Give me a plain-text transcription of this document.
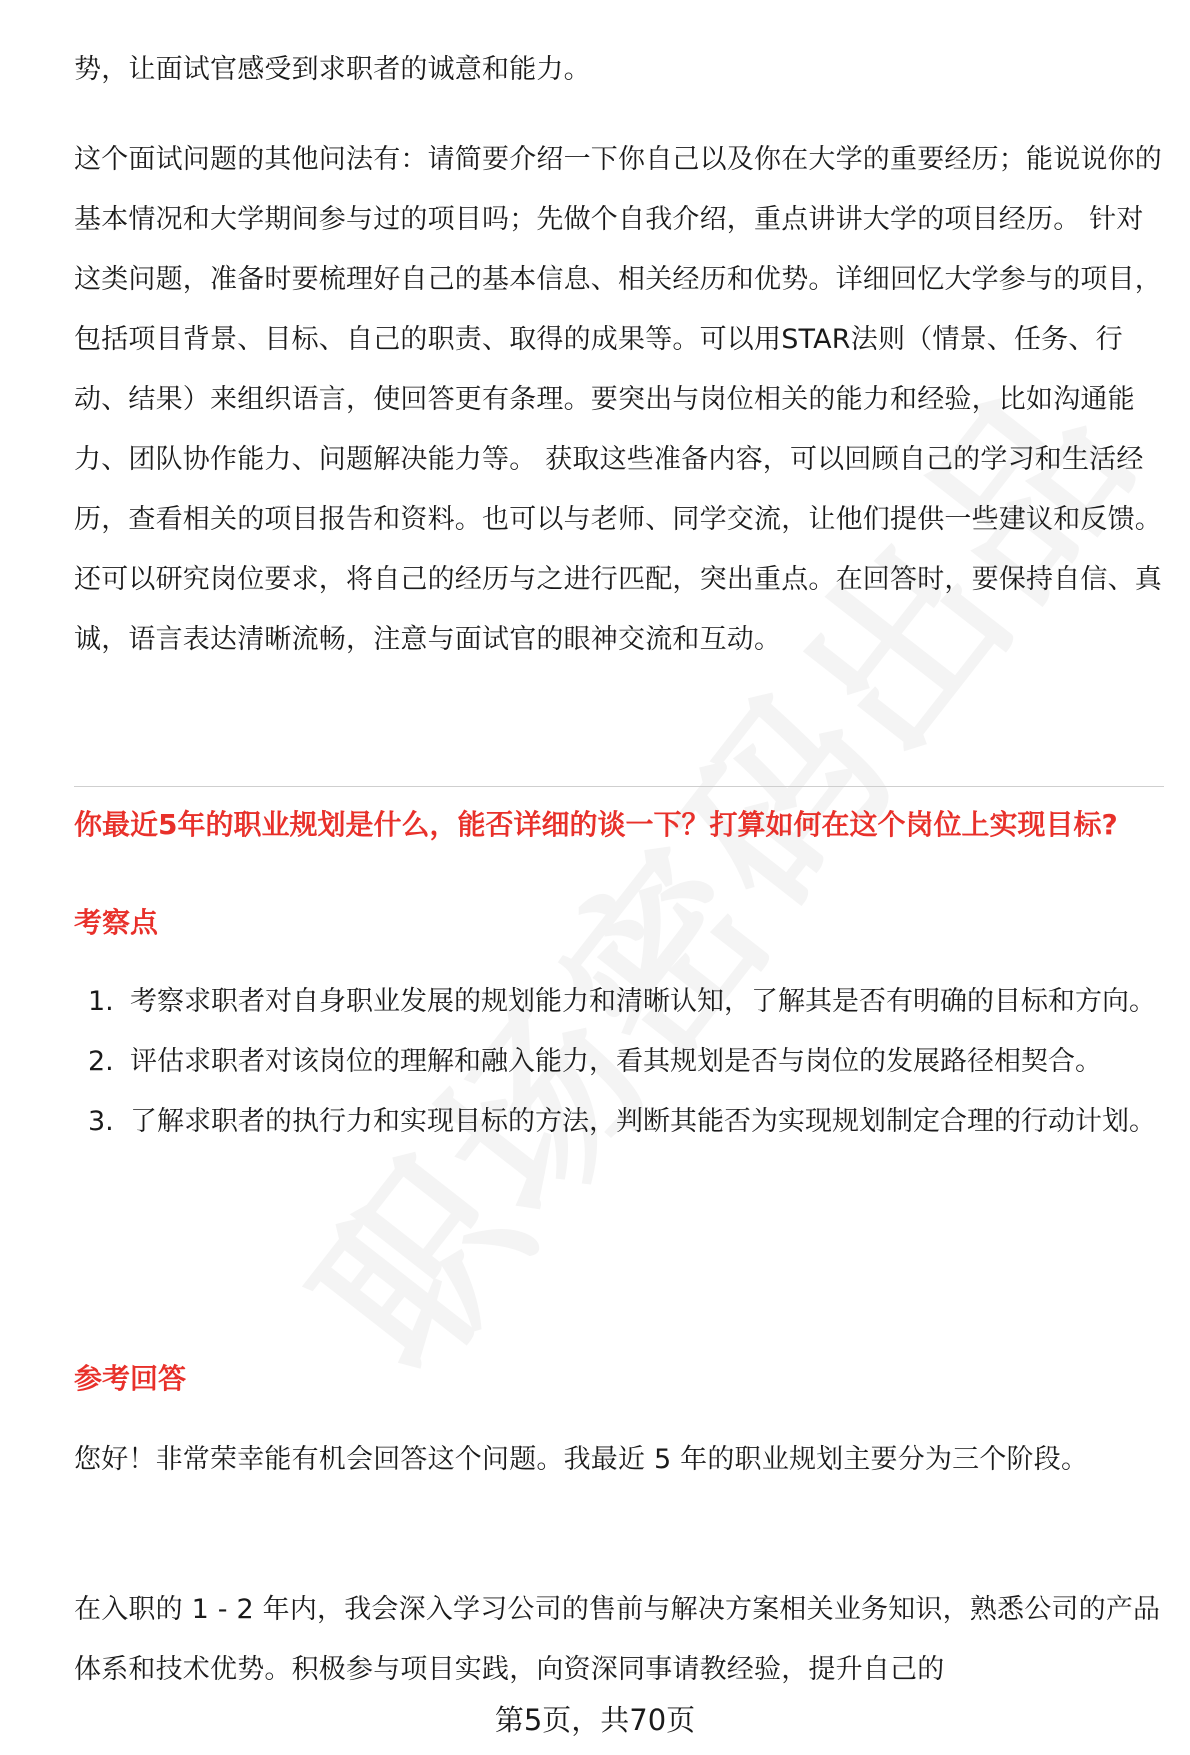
势，让面试官感受到求职者的诚意和能力。

这个面试问题的其他问法有：请简要介绍一下你自己以及你在大学的重要经历；能说说你的基本情况和大学期间参与过的项目吗；先做个自我介绍，重点讲讲大学的项目经历。 针对这类问题，准备时要梳理好自己的基本信息、相关经历和优势。详细回忆大学参与的项目，包括项目背景、目标、自己的职责、取得的成果等。可以用STAR法则（情景、任务、行动、结果）来组织语言，使回答更有条理。要突出与岗位相关的能力和经验，比如沟通能力、团队协作能力、问题解决能力等。 获取这些准备内容，可以回顾自己的学习和生活经历，查看相关的项目报告和资料。也可以与老师、同学交流，让他们提供一些建议和反馈。还可以研究岗位要求，将自己的经历与之进行匹配，突出重点。在回答时，要保持自信、真诚，语言表达清晰流畅，注意与面试官的眼神交流和互动。

你最近5年的职业规划是什么，能否详细的谈一下？打算如何在这个岗位上实现目标?
考察点
1. 考察求职者对自身职业发展的规划能力和清晰认知，了解其是否有明确的目标和方向。
2. 评估求职者对该岗位的理解和融入能力，看其规划是否与岗位的发展路径相契合。
3. 了解求职者的执行力和实现目标的方法，判断其能否为实现规划制定合理的行动计划。
参考回答

您好！非常荣幸能有机会回答这个问题。我最近 5 年的职业规划主要分为三个阶段。

在入职的 1 - 2 年内，我会深入学习公司的售前与解决方案相关业务知识，熟悉公司的产品体系和技术优势。积极参与项目实践，向资深同事请教经验，提升自己的

第5页，共70页
